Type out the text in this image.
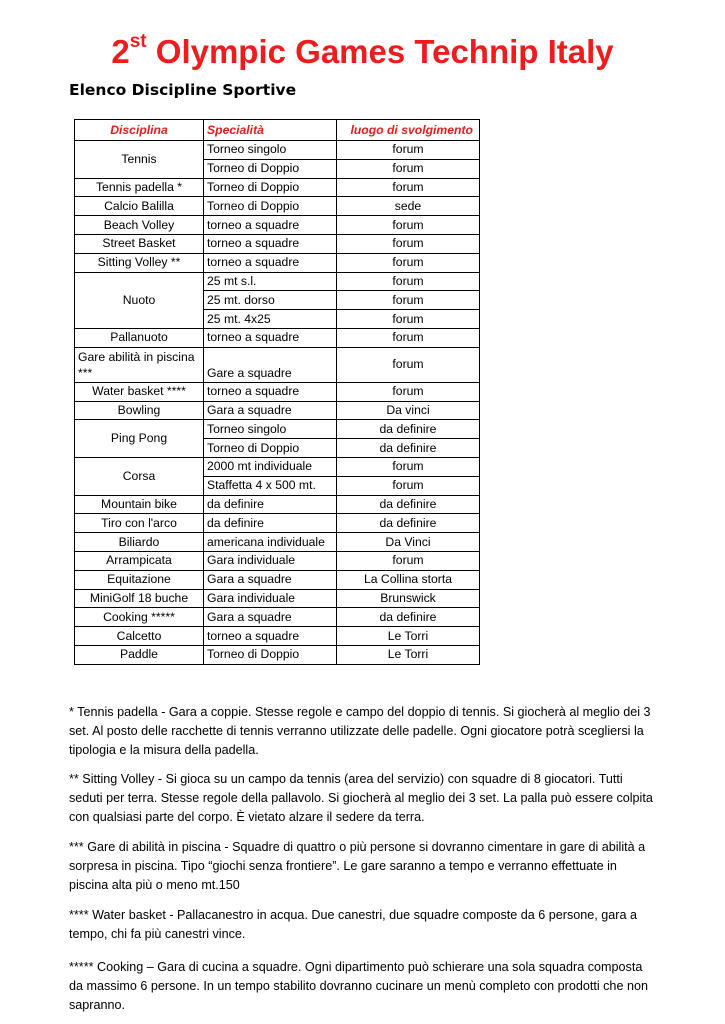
2st Olympic Games Technip Italy
Elenco Discipline Sportive
Disciplina	Specialità	luogo di svolgimento
Tennis	Torneo singolo	forum
	Torneo di Doppio	forum
Tennis padella *	Torneo di Doppio	forum
Calcio Balilla	Torneo di Doppio	sede
Beach Volley	torneo a squadre	forum
Street Basket	torneo a squadre	forum
Sitting Volley **	torneo a squadre	forum
Nuoto	25 mt s.l.	forum
	25 mt. dorso	forum
	25 mt. 4x25	forum
Pallanuoto	torneo a squadre	forum
Gare abilità in piscina ***	Gare a squadre	forum
Water basket ****	torneo a squadre	forum
Bowling	Gara a squadre	Da vinci
Ping Pong	Torneo singolo	da definire
	Torneo di Doppio	da definire
Corsa	2000 mt individuale	forum
	Staffetta 4 x 500 mt.	forum
Mountain bike	da definire	da definire
Tiro con l'arco	da definire	da definire
Biliardo	americana individuale	Da Vinci
Arrampicata	Gara individuale	forum
Equitazione	Gara a squadre	La Collina storta
MiniGolf 18 buche	Gara individuale	Brunswick
Cooking *****	Gara a squadre	da definire
Calcetto	torneo a squadre	Le Torri
Paddle	Torneo di Doppio	Le Torri
* Tennis padella - Gara a coppie. Stesse regole e campo del doppio di tennis. Si giocherà al meglio dei 3 set. Al posto delle racchette di tennis verranno utilizzate delle padelle. Ogni giocatore potrà scegliersi la tipologia e la misura della padella.
** Sitting Volley - Si gioca su un campo da tennis (area del servizio) con squadre di 8 giocatori. Tutti seduti per terra. Stesse regole della pallavolo. Si giocherà al meglio dei 3 set. La palla può essere colpita con qualsiasi parte del corpo. È vietato alzare il sedere da terra.
*** Gare di abilità in piscina - Squadre di quattro o più persone si dovranno cimentare in gare di abilità a sorpresa in piscina. Tipo “giochi senza frontiere”. Le gare saranno a tempo e verranno effettuate in piscina alta più o meno mt.150
**** Water basket - Pallacanestro in acqua. Due canestri, due squadre composte da 6 persone, gara a tempo, chi fa più canestri vince.
***** Cooking – Gara di cucina a squadre. Ogni dipartimento può schierare una sola squadra composta da massimo 6 persone. In un tempo stabilito dovranno cucinare un menù completo con prodotti che non sapranno.
